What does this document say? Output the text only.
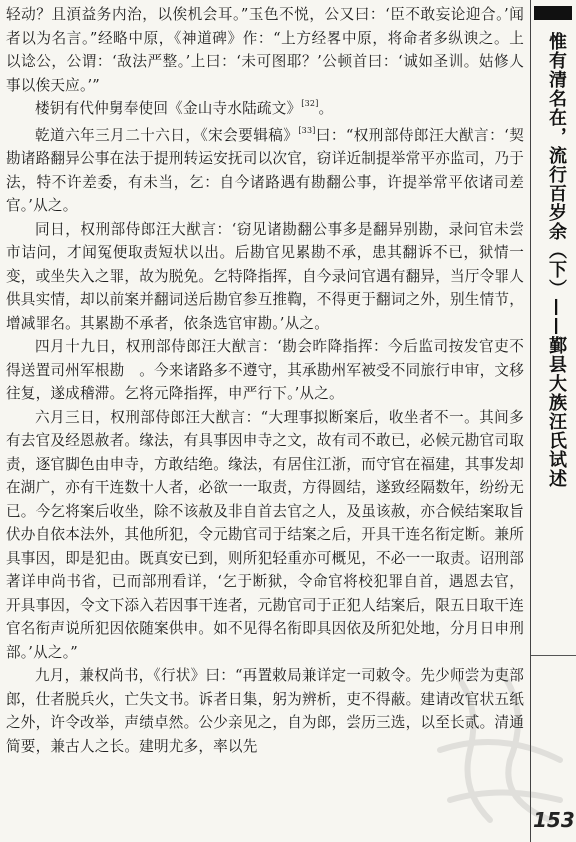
轻动？且湏益务内治，以俟机会耳。”玉色不悦，公又曰：‘臣不敢妄论迎合。’闻者以为名言。”经略中原，《神道碑》作：“上方经畧中原，将命者多纵谀之。上以谂公，公谓：‘敌法严整。’上曰：‘未可图耶？’公顿首曰：‘诚如圣训。姑修人事以俟天应。’”

楼钥有代仲舅奉使回《金山寺水陆疏文》[32]。

乾道六年三月二十六日，《宋会要辑稿》[33]曰：“权刑部侍郎汪大猷言：‘契勘诸路翻异公事在法于提刑转运安抚司以次官，窃详近制提举常平亦监司，乃于法，特不许差委，有未当，乞：自今诸路遇有勘翻公事，许提举常平依诸司差官。’从之。

同日，权刑部侍郎汪大猷言：‘窃见诸勘翻公事多是翻异别勘，录问官未尝市诘问，才闻冤便取责短状以出。后勘官见累勘不承，患其翻诉不已，狱情一变，或坐失入之罪，故为脱免。乞特降指挥，自今录问官遇有翻异，当厅令罪人供具实情，却以前案并翻词送后勘官参互推鞫，不得更于翻词之外，别生情节，增减罪名。其累勘不承者，依条选官审勘。’从之。

四月十九日，权刑部侍郎汪大猷言：‘勘会昨降指挥：今后监司按发官吏不得送置司州军根勘　。今来诸路多不遵守，其承勘州军被受不同旅行申审，文移往复，遂成稽滞。乞将元降指挥，申严行下。’从之。

六月三日，权刑部侍郎汪大猷言：“大理事拟断案后，收坐者不一。其间多有去官及经恩赦者。缘法，有具事因申寺之文，故有司不敢已，必候元勘官司取责，逐官脚色由申寺，方敢结绝。缘法，有居住江浙，而守官在福建，其事发却在湖广，亦有干连数十人者，必欲一一取责，方得圆结，遂致经隔数年，纷纷无已。今乞将案后收坐，除不该赦及非自首去官之人，及虽该赦，亦合候结案取旨伏办自依本法外，其他所犯，令元勘官司于结案之后，开具干连名衔定断。兼所具事因，即是犯由。既真安已到，则所犯轻重亦可概见，不必一一取责。诏刑部著详申尚书省，已而部刑看详，‘乞于断狱，令命官将校犯罪自首，遇恩去官，开具事因，令文下添入若因事干连者，元勘官司于正犯人结案后，限五日取干连官名衔声说所犯因依随案供申。如不见得名衔即具因依及所犯处地，分月日申刑部。’从之。”

九月，兼权尚书，《行状》曰：“再置敕局兼详定一司敕令。先少师尝为吏部郎，仕者脱兵火，亡失文书。诉者日集，躬为辨析，吏不得蔽。建请改官状五纸之外，许令改举，声绩卓然。公少亲见之，自为郎，尝历三选，以至长贰。清通简要，兼古人之长。建明尤多，率以先

惟有清名在，流行百岁余（下）——鄞县大族汪氏试述
153
